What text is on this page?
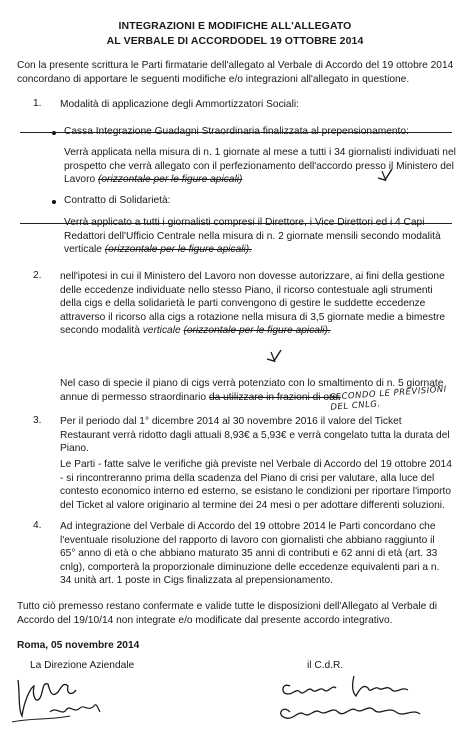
INTEGRAZIONI E MODIFICHE ALL'ALLEGATO
AL VERBALE DI ACCORDODEL 19 OTTOBRE 2014
Con la presente scrittura le Parti firmatarie dell'allegato al Verbale di Accordo del 19 ottobre 2014 concordano di apportare le seguenti modifiche e/o integrazioni all'allegato in questione.
1. Modalità di applicazione degli Ammortizzatori Sociali:
Verrà applicata nella misura di n. 1 giornate al mese a tutti i 34 giornalisti individuati nel prospetto che verrà allegato con il perfezionamento dell'accordo presso il Ministero del Lavoro (orizzontale per le figure apicali)
Contratto di Solidarietà:
Verrà applicato a tutti i giornalisti compresi il Direttore, i Vice Direttori ed i 4 Capi Redattori dell'Ufficio Centrale nella misura di n. 2 giornate mensili secondo modalità verticale (orizzontale per le figure apicali).
2. nell'ipotesi in cui il Ministero del Lavoro non dovesse autorizzare, ai fini della gestione delle eccedenze individuate nello stesso Piano, il ricorso contestuale agli strumenti della cigs e della solidarietà le parti convengono di gestire le suddette eccedenze attraverso il ricorso alla cigs a rotazione nella misura di 3,5 giornate medie a bimestre secondo modalità verticale (orizzontale per le figure apicali).
Nel caso di specie il piano di cigs verrà potenziato con lo smaltimento di n. 5 giornate annue di permesso straordinario da utilizzare in frazioni di ore.
SECONDO LE PREVISIONI DEL CNLG.
3. Per il periodo dal 1° dicembre 2014 al 30 novembre 2016 il valore del Ticket Restaurant verrà ridotto dagli attuali 8,93€ a 5,93€ e verrà congelato tutta la durata del Piano.
Le Parti - fatte salve le verifiche già previste nel Verbale di Accordo del 19 ottobre 2014 - si rincontreranno prima della scadenza del Piano di crisi per valutare, alla luce del contesto economico interno ed esterno, se esistano le condizioni per riportare l'importo del Ticket al valore originario al termine dei 24 mesi o per adottare differenti soluzioni.
4. Ad integrazione del Verbale di Accordo del 19 ottobre 2014 le Parti concordano che l'eventuale risoluzione del rapporto di lavoro con giornalisti che abbiano raggiunto il 65° anno di età o che abbiano maturato 35 anni di contributi e 62 anni di età (art. 33 cnlg), comporterà la proporzionale diminuzione delle eccedenze equivalenti pari a n. 34 unità art. 1 poste in Cigs finalizzata al prepensionamento.
Tutto ciò premesso restano confermate e valide tutte le disposizioni dell'Allegato al Verbale di Accordo del 19/10/14 non integrate e/o modificate dal presente accordo integrativo.
Roma, 05 novembre 2014
La Direzione Aziendale	il C.d.R.
